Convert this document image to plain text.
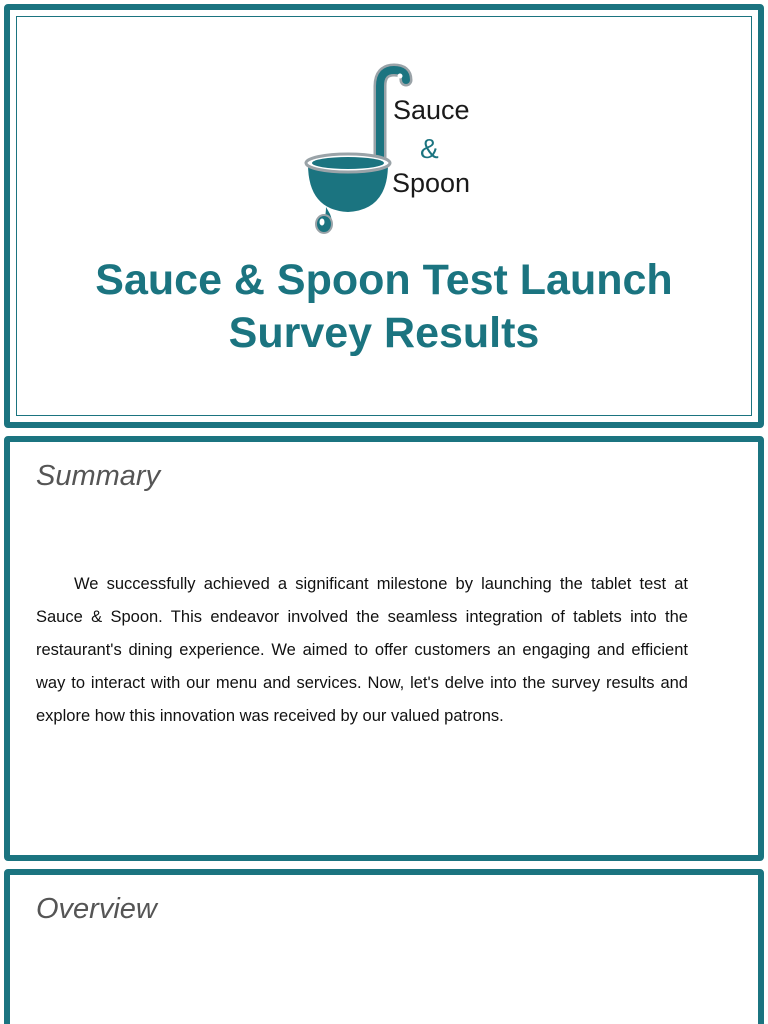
Sauce
&
Spoon
Sauce & Spoon Test Launch
Survey Results
Summary

We successfully achieved a significant milestone by launching the tablet test at Sauce & Spoon. This endeavor involved the seamless integration of tablets into the restaurant's dining experience. We aimed to offer customers an engaging and efficient way to interact with our menu and services. Now, let's delve into the survey results and explore how this innovation was received by our valued patrons.

Overview
